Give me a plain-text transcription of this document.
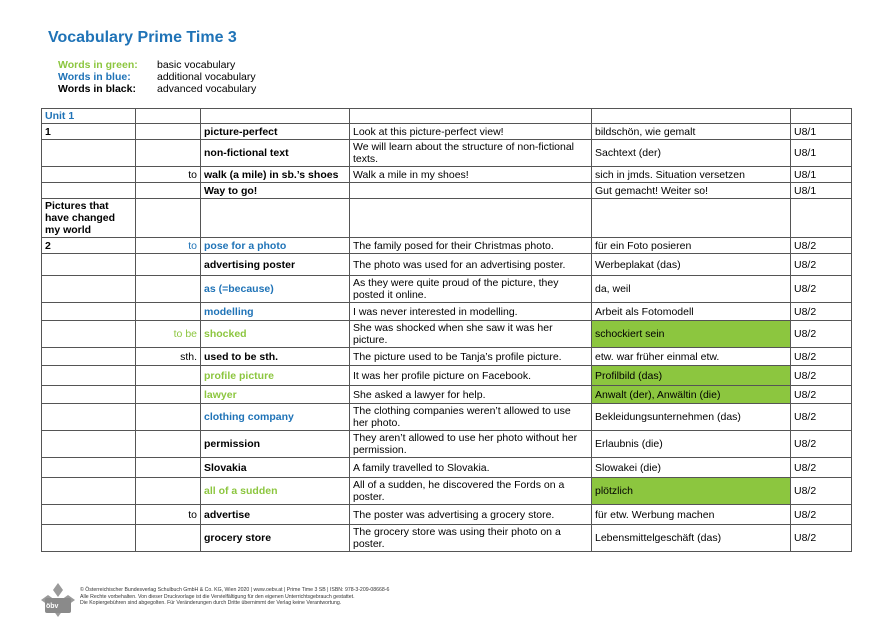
Vocabulary Prime Time 3
Words in green:	basic vocabulary
Words in blue:	additional vocabulary
Words in black:	advanced vocabulary
Unit 1					
1		picture-perfect	Look at this picture-perfect view!	bildschön, wie gemalt	U8/1
		non-fictional text	We will learn about the structure of non-fictional texts.	Sachtext (der)	U8/1
	to	walk (a mile) in sb.’s shoes	Walk a mile in my shoes!	sich in jmds. Situation versetzen	U8/1
		Way to go!		Gut gemacht! Weiter so!	U8/1
Pictures that have changed my world					
2	to	pose for a photo	The family posed for their Christmas photo.	für ein Foto posieren	U8/2
		advertising poster	The photo was used for an advertising poster.	Werbeplakat (das)	U8/2
		as (=because)	As they were quite proud of the picture, they posted it online.	da, weil	U8/2
		modelling	I was never interested in modelling.	Arbeit als Fotomodell	U8/2
	to be	shocked	She was shocked when she saw it was her picture.	schockiert sein	U8/2
	sth.	used to be sth.	The picture used to be Tanja’s profile picture.	etw. war früher einmal etw.	U8/2
		profile picture	It was her profile picture on Facebook.	Profilbild (das)	U8/2
		lawyer	She asked a lawyer for help.	Anwalt (der), Anwältin (die)	U8/2
		clothing company	The clothing companies weren’t allowed to use her photo.	Bekleidungsunternehmen (das)	U8/2
		permission	They aren’t allowed to use her photo without her permission.	Erlaubnis (die)	U8/2
		Slovakia	A family travelled to Slovakia.	Slowakei (die)	U8/2
		all of a sudden	All of a sudden, he discovered the Fords on a poster.	plötzlich	U8/2
	to	advertise	The poster was advertising a grocery store.	für etw. Werbung machen	U8/2
		grocery store	The grocery store was using their photo on a poster.	Lebensmittelgeschäft (das)	U8/2
öbv
© Österreichischer Bundesverlag Schulbuch GmbH & Co. KG, Wien 2020 | www.oebv.at | Prime Time 3 SB | ISBN: 978-3-209-08668-6
Alle Rechte vorbehalten. Von dieser Druckvorlage ist die Vervielfältigung für den eigenen Unterrichtsgebrauch gestattet.
Die Kopiergebühren sind abgegolten. Für Veränderungen durch Dritte übernimmt der Verlag keine Verantwortung.
